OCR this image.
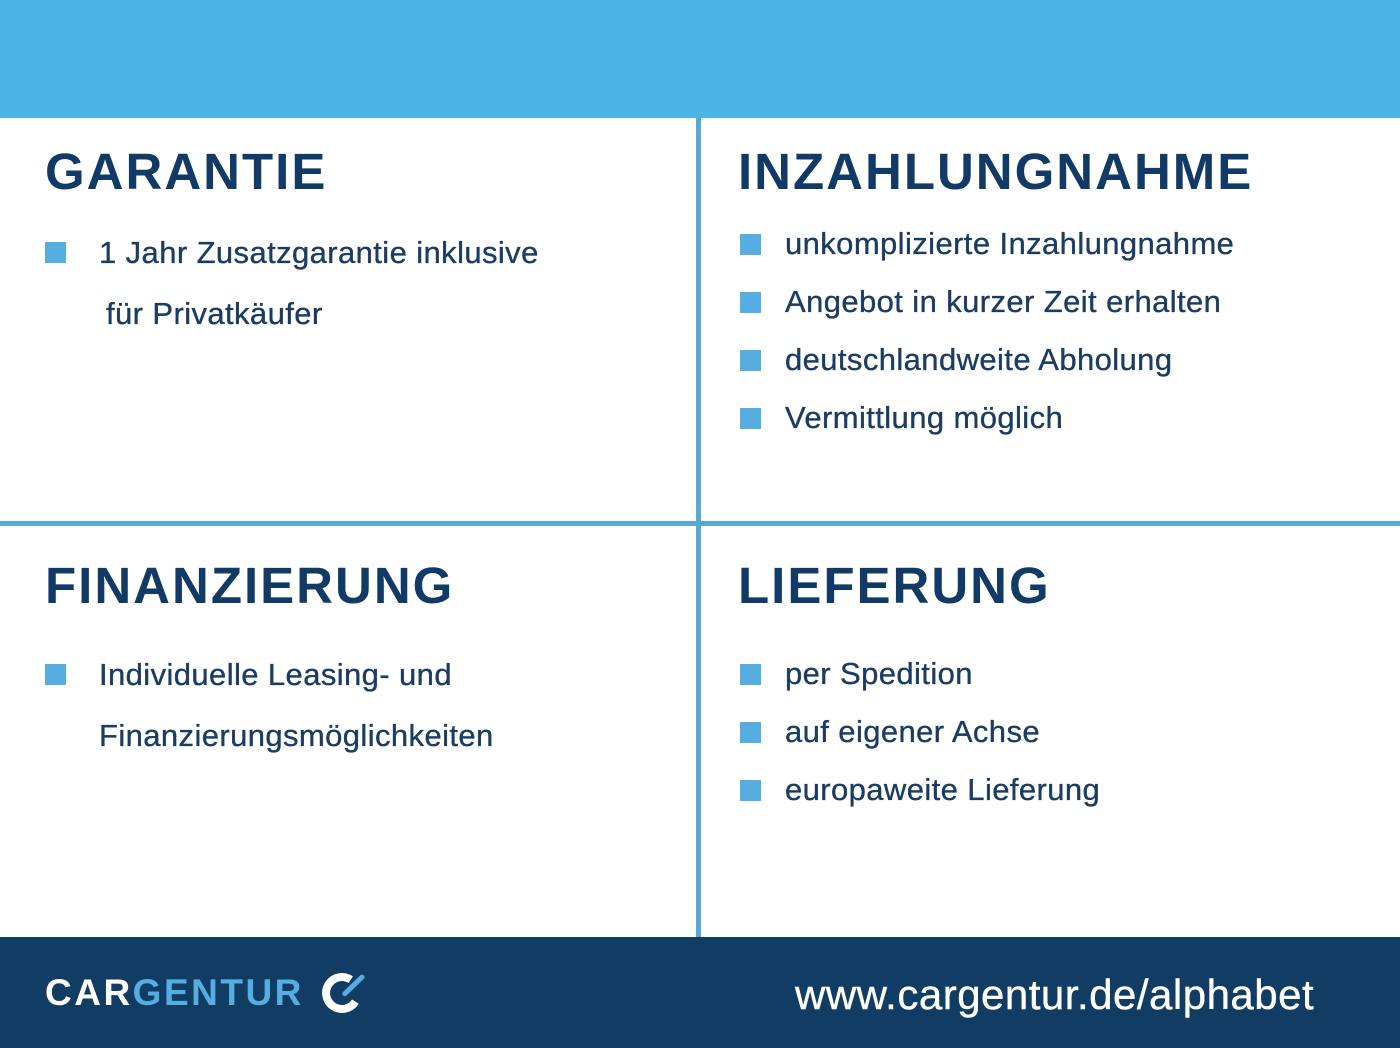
GARANTIE
1 Jahr Zusatzgarantie inklusive
für Privatkäufer
INZAHLUNGNAHME
unkomplizierte Inzahlungnahme
Angebot in kurzer Zeit erhalten
deutschlandweite Abholung
Vermittlung möglich
FINANZIERUNG
Individuelle Leasing- und
Finanzierungsmöglichkeiten
LIEFERUNG
per Spedition
auf eigener Achse
europaweite Lieferung
CARGENTUR	www.cargentur.de/alphabet
